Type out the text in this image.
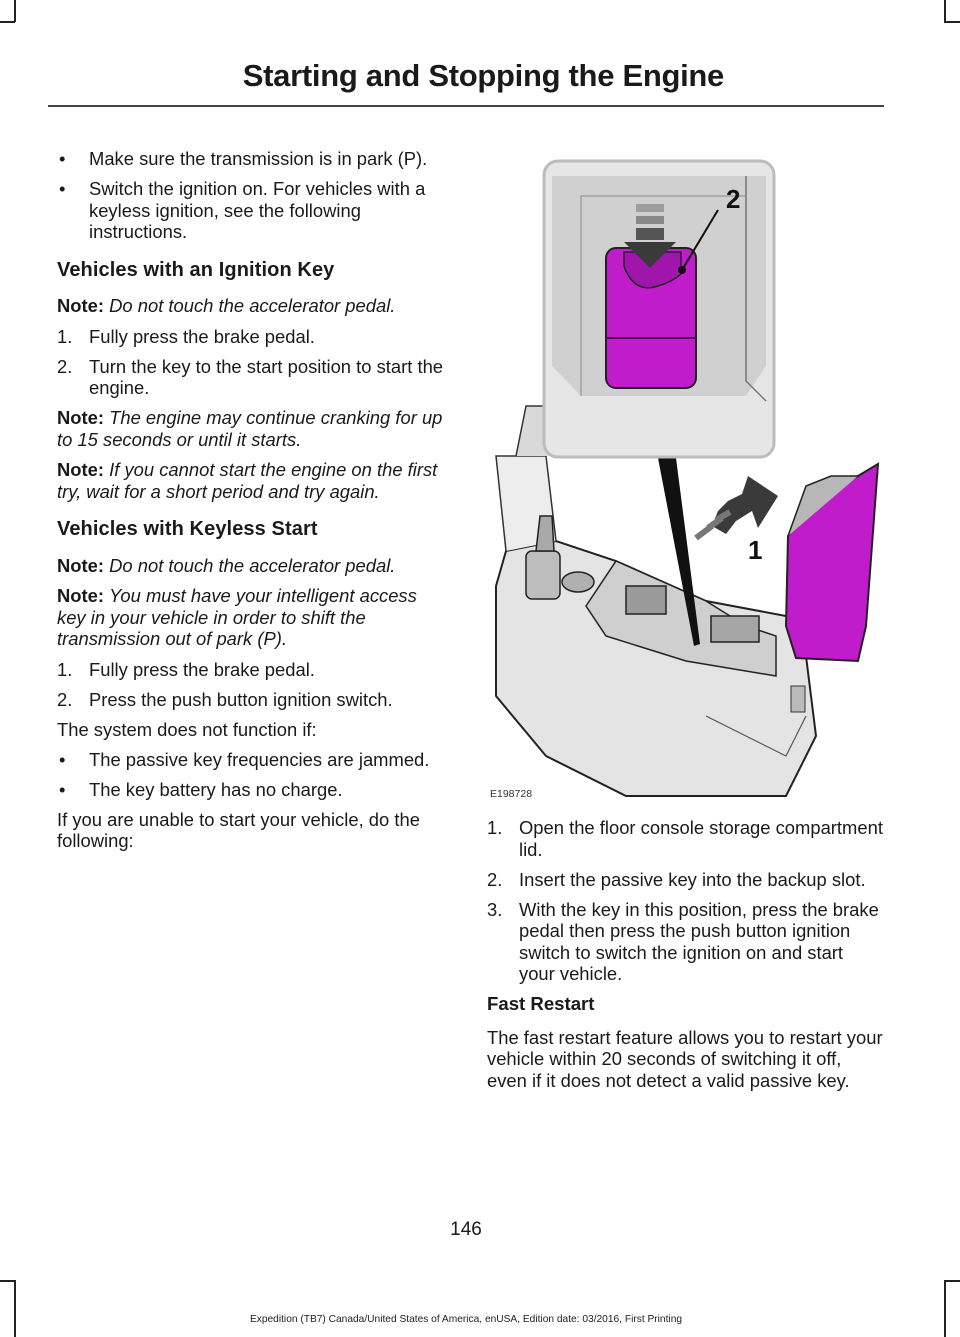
Starting and Stopping the Engine
• Make sure the transmission is in park (P).
• Switch the ignition on. For vehicles with a keyless ignition, see the following instructions.
Vehicles with an Ignition Key
Note: Do not touch the accelerator pedal.
1. Fully press the brake pedal.
2. Turn the key to the start position to start the engine.
Note: The engine may continue cranking for up to 15 seconds or until it starts.
Note: If you cannot start the engine on the first try, wait for a short period and try again.
Vehicles with Keyless Start
Note: Do not touch the accelerator pedal.
Note: You must have your intelligent access key in your vehicle in order to shift the transmission out of park (P).
1. Fully press the brake pedal.
2. Press the push button ignition switch.
The system does not function if:
• The passive key frequencies are jammed.
• The key battery has no charge.
If you are unable to start your vehicle, do the following:
1
2
E198728
1. Open the floor console storage compartment lid.
2. Insert the passive key into the backup slot.
3. With the key in this position, press the brake pedal then press the push button ignition switch to switch the ignition on and start your vehicle.
Fast Restart
The fast restart feature allows you to restart your vehicle within 20 seconds of switching it off, even if it does not detect a valid passive key.
146
Expedition (TB7) Canada/United States of America, enUSA, Edition date: 03/2016, First Printing
